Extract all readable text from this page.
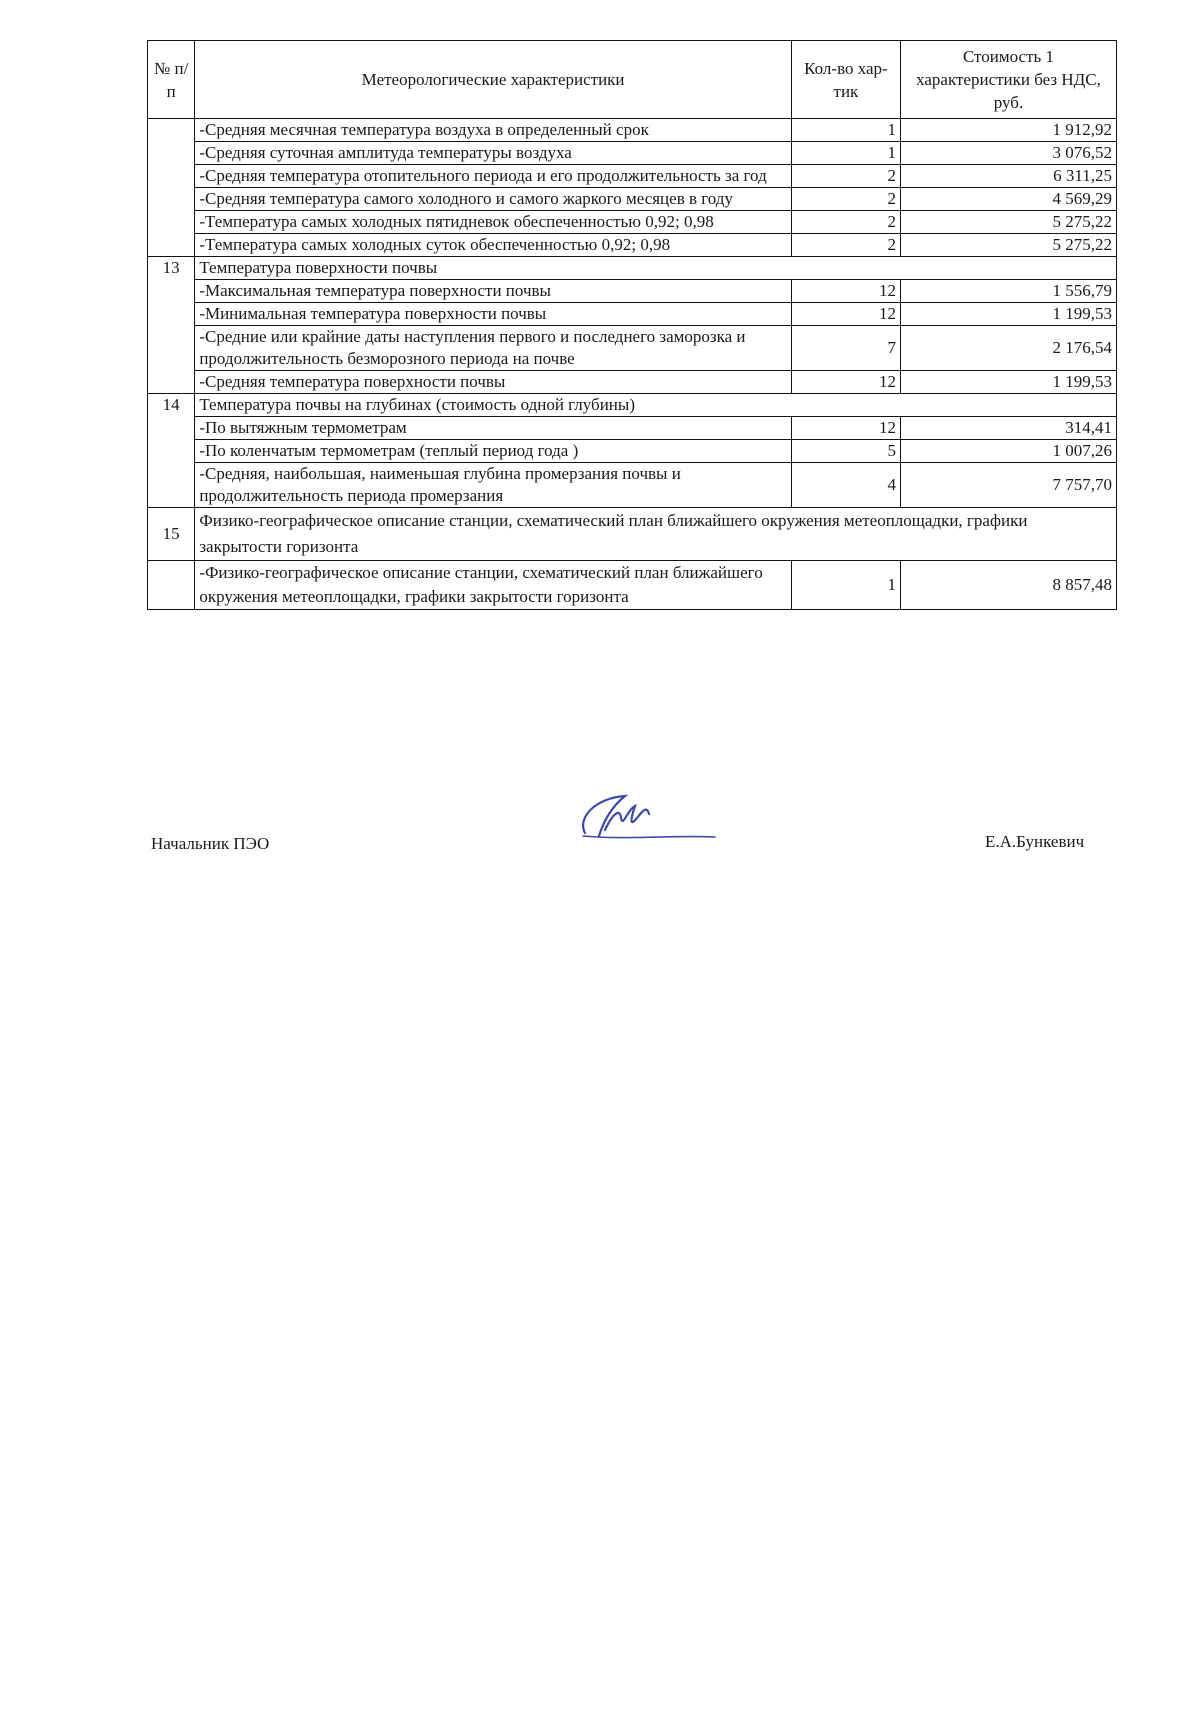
№ п/п	Метеорологические характеристики	Кол-во хар-тик	Стоимость 1 характеристики без НДС, руб.
	-Средняя месячная температура воздуха в определенный срок	1	1 912,92
	-Средняя суточная амплитуда температуры воздуха	1	3 076,52
	-Средняя температура отопительного периода и его продолжительность за год	2	6 311,25
	-Средняя температура самого холодного и самого жаркого месяцев в году	2	4 569,29
	-Температура самых холодных пятидневок обеспеченностью 0,92; 0,98	2	5 275,22
	-Температура самых холодных суток обеспеченностью 0,92; 0,98	2	5 275,22
13	Температура поверхности почвы		
	-Максимальная температура поверхности почвы	12	1 556,79
	-Минимальная температура поверхности почвы	12	1 199,53
	-Средние или крайние даты наступления первого и последнего заморозка и продолжительность безморозного периода на почве	7	2 176,54
	-Средняя температура поверхности почвы	12	1 199,53
14	Температура почвы на глубинах (стоимость одной глубины)		
	-По вытяжным термометрам	12	314,41
	-По коленчатым термометрам (теплый период года )	5	1 007,26
	-Средняя, наибольшая, наименьшая глубина промерзания почвы и продолжительность периода промерзания	4	7 757,70
15	Физико-географическое описание станции, схематический план ближайшего окружения метеоплощадки, графики закрытости горизонта		
	-Физико-географическое описание станции, схематический план ближайшего окружения метеоплощадки, графики закрытости горизонта	1	8 857,48
Начальник ПЭО	Е.А.Бункевич
